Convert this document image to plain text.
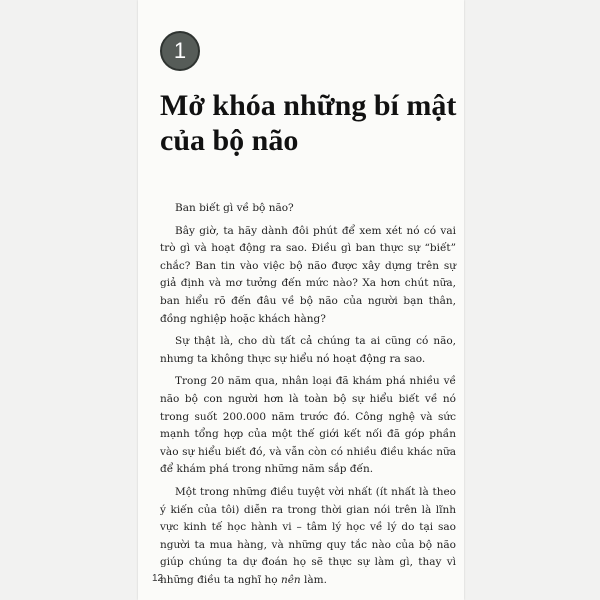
1
Mở khóa những bí mật
của bộ não

Ban biết gì về bộ não?

Bây giờ, ta hãy dành đôi phút để xem xét nó có vai trò gì và hoạt động ra sao. Điều gì ban thực sự “biết” chắc? Ban tin vào việc bộ não được xây dựng trên sự giả định và mơ tưởng đến mức nào? Xa hơn chút nữa, ban hiểu rõ đến đâu về bộ não của người bạn thân, đồng nghiệp hoặc khách hàng?

Sự thật là, cho dù tất cả chúng ta ai cũng có não, nhưng ta không thực sự hiểu nó hoạt động ra sao.

Trong 20 năm qua, nhân loại đã khám phá nhiều về não bộ con người hơn là toàn bộ sự hiểu biết về nó trong suốt 200.000 năm trước đó. Công nghệ và sức mạnh tổng hợp của một thế giới kết nối đã góp phần vào sự hiểu biết đó, và vẫn còn có nhiều điều khác nữa để khám phá trong những năm sắp đến.

Một trong những điều tuyệt vời nhất (ít nhất là theo ý kiến của tôi) diễn ra trong thời gian nói trên là lĩnh vực kinh tế học hành vi – tâm lý học về lý do tại sao người ta mua hàng, và những quy tắc nào của bộ não giúp chúng ta dự đoán họ sẽ thực sự làm gì, thay vì những điều ta nghĩ họ nên làm.

12
